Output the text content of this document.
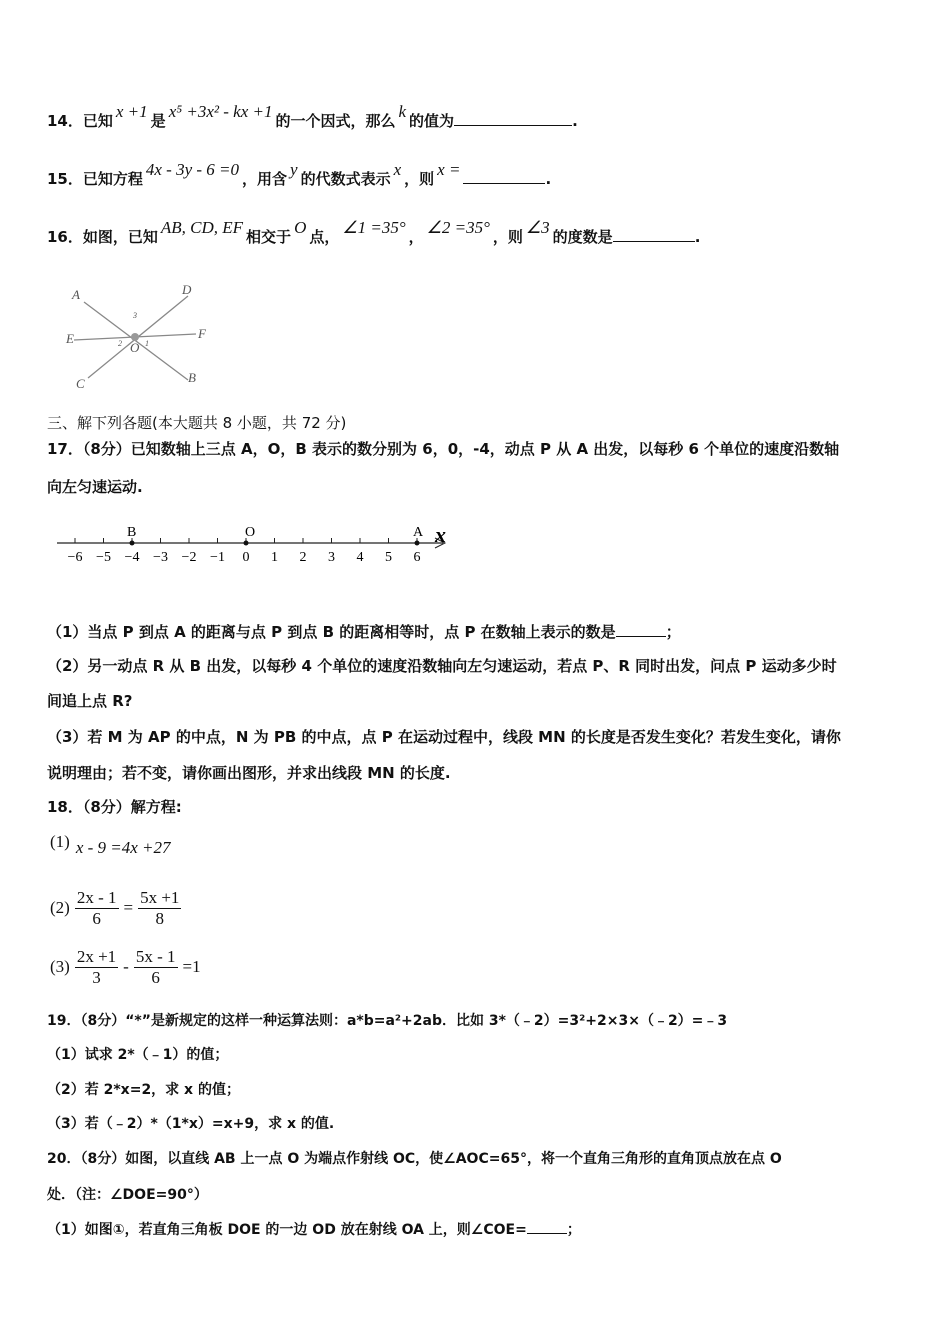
14．已知 x +1 是 x⁵ +3x² - kx +1 的一个因式，那么 k 的值为	.
15．已知方程 4x - 3y - 6 =0 ，用含 y 的代数式表示 x ，则 x =	.
16．如图，已知 AB, CD, EF 相交于 O 点， ∠1 =35° ， ∠2 =35° ，则 ∠3 的度数是	.
A	D
E	F
C	B
O 1
2
3
三、解下列各题(本大题共 8 小题，共 72 分)
17．（8分）已知数轴上三点 A，O，B 表示的数分别为 6，0，-4，动点 P 从 A 出发，以每秒 6 个单位的速度沿数轴
向左匀速运动.
x
B	O	A
−6 −5 −4 −3 −2 −1 0 1 2 3 4 5 6
（1）当点 P 到点 A 的距离与点 P 到点 B 的距离相等时，点 P 在数轴上表示的数是	；
（2）另一动点 R 从 B 出发，以每秒 4 个单位的速度沿数轴向左匀速运动，若点 P、R 同时出发，问点 P 运动多少时
间追上点 R?
（3）若 M 为 AP 的中点，N 为 PB 的中点，点 P 在运动过程中，线段 MN 的长度是否发生变化？若发生变化，请你
说明理由；若不变，请你画出图形，并求出线段 MN 的长度.
18．（8分）解方程:
(1) x - 9 =4x +27
$(2) \frac{2x - 1}{6} = \frac{5x +1}{8}$
$(3) \frac{2x +1}{3} - \frac{5x - 1}{6} =1$
19．（8分）“*”是新规定的这样一种运算法则：a*b=a²+2ab．比如 3*（﹣2）=3²+2×3×（﹣2）=﹣3
（1）试求 2*（﹣1）的值；
（2）若 2*x=2，求 x 的值；
（3）若（﹣2）*（1*x）=x+9，求 x 的值.
20．（8分）如图，以直线 AB 上一点 O 为端点作射线 OC，使∠AOC=65°，将一个直角三角形的直角顶点放在点 O
处．（注：∠DOE=90°）
（1）如图①，若直角三角板 DOE 的一边 OD 放在射线 OA 上，则∠COE=	；
